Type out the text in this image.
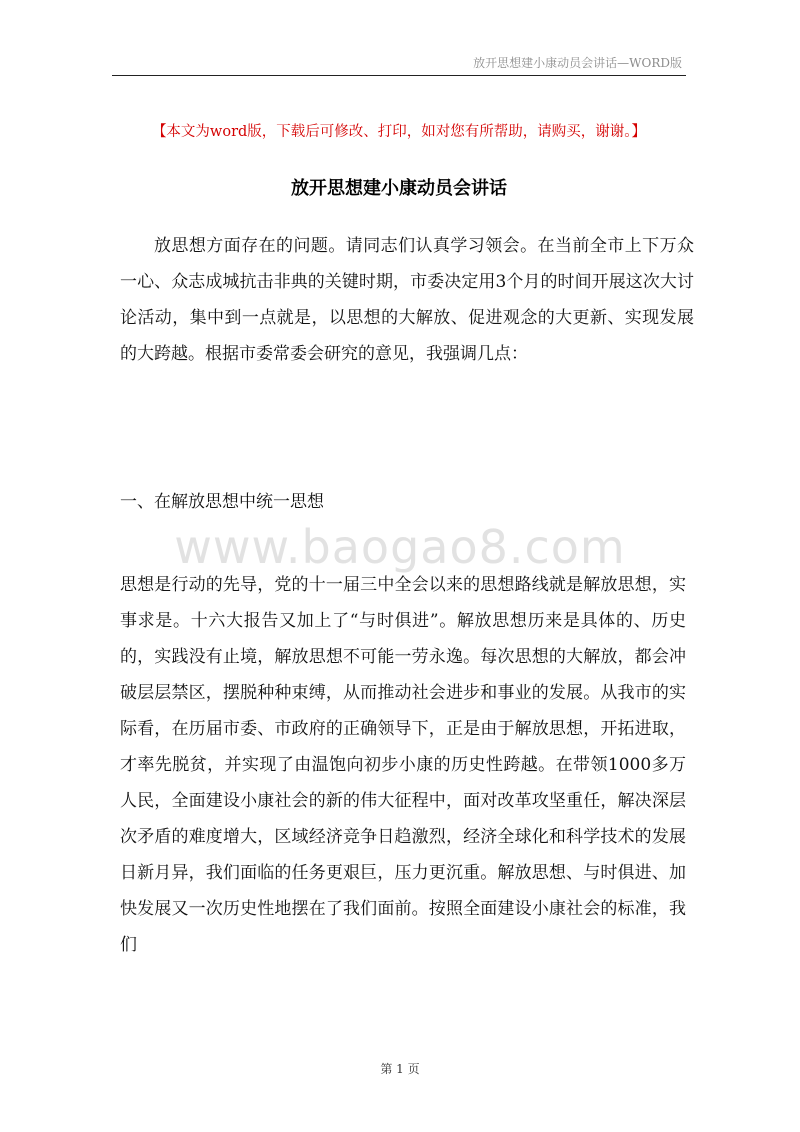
放开思想建小康动员会讲话—WORD版
【本文为word版，下载后可修改、打印，如对您有所帮助，请购买，谢谢。】
放开思想建小康动员会讲话

放思想方面存在的问题。请同志们认真学习领会。在当前全市上下万众一心、众志成城抗击非典的关键时期，市委决定用3个月的时间开展这次大讨论活动，集中到一点就是，以思想的大解放、促进观念的大更新、实现发展的大跨越。根据市委常委会研究的意见，我强调几点：

一、在解放思想中统一思想
www.baogao8.com

思想是行动的先导，党的十一届三中全会以来的思想路线就是解放思想，实事求是。十六大报告又加上了“与时俱进”。解放思想历来是具体的、历史的，实践没有止境，解放思想不可能一劳永逸。每次思想的大解放，都会冲破层层禁区，摆脱种种束缚，从而推动社会进步和事业的发展。从我市的实际看，在历届市委、市政府的正确领导下，正是由于解放思想，开拓进取，才率先脱贫，并实现了由温饱向初步小康的历史性跨越。在带领1000多万人民，全面建设小康社会的新的伟大征程中，面对改革攻坚重任，解决深层次矛盾的难度增大，区域经济竞争日趋激烈，经济全球化和科学技术的发展日新月异，我们面临的任务更艰巨，压力更沉重。解放思想、与时俱进、加快发展又一次历史性地摆在了我们面前。按照全面建设小康社会的标准，我们

第 1 页
